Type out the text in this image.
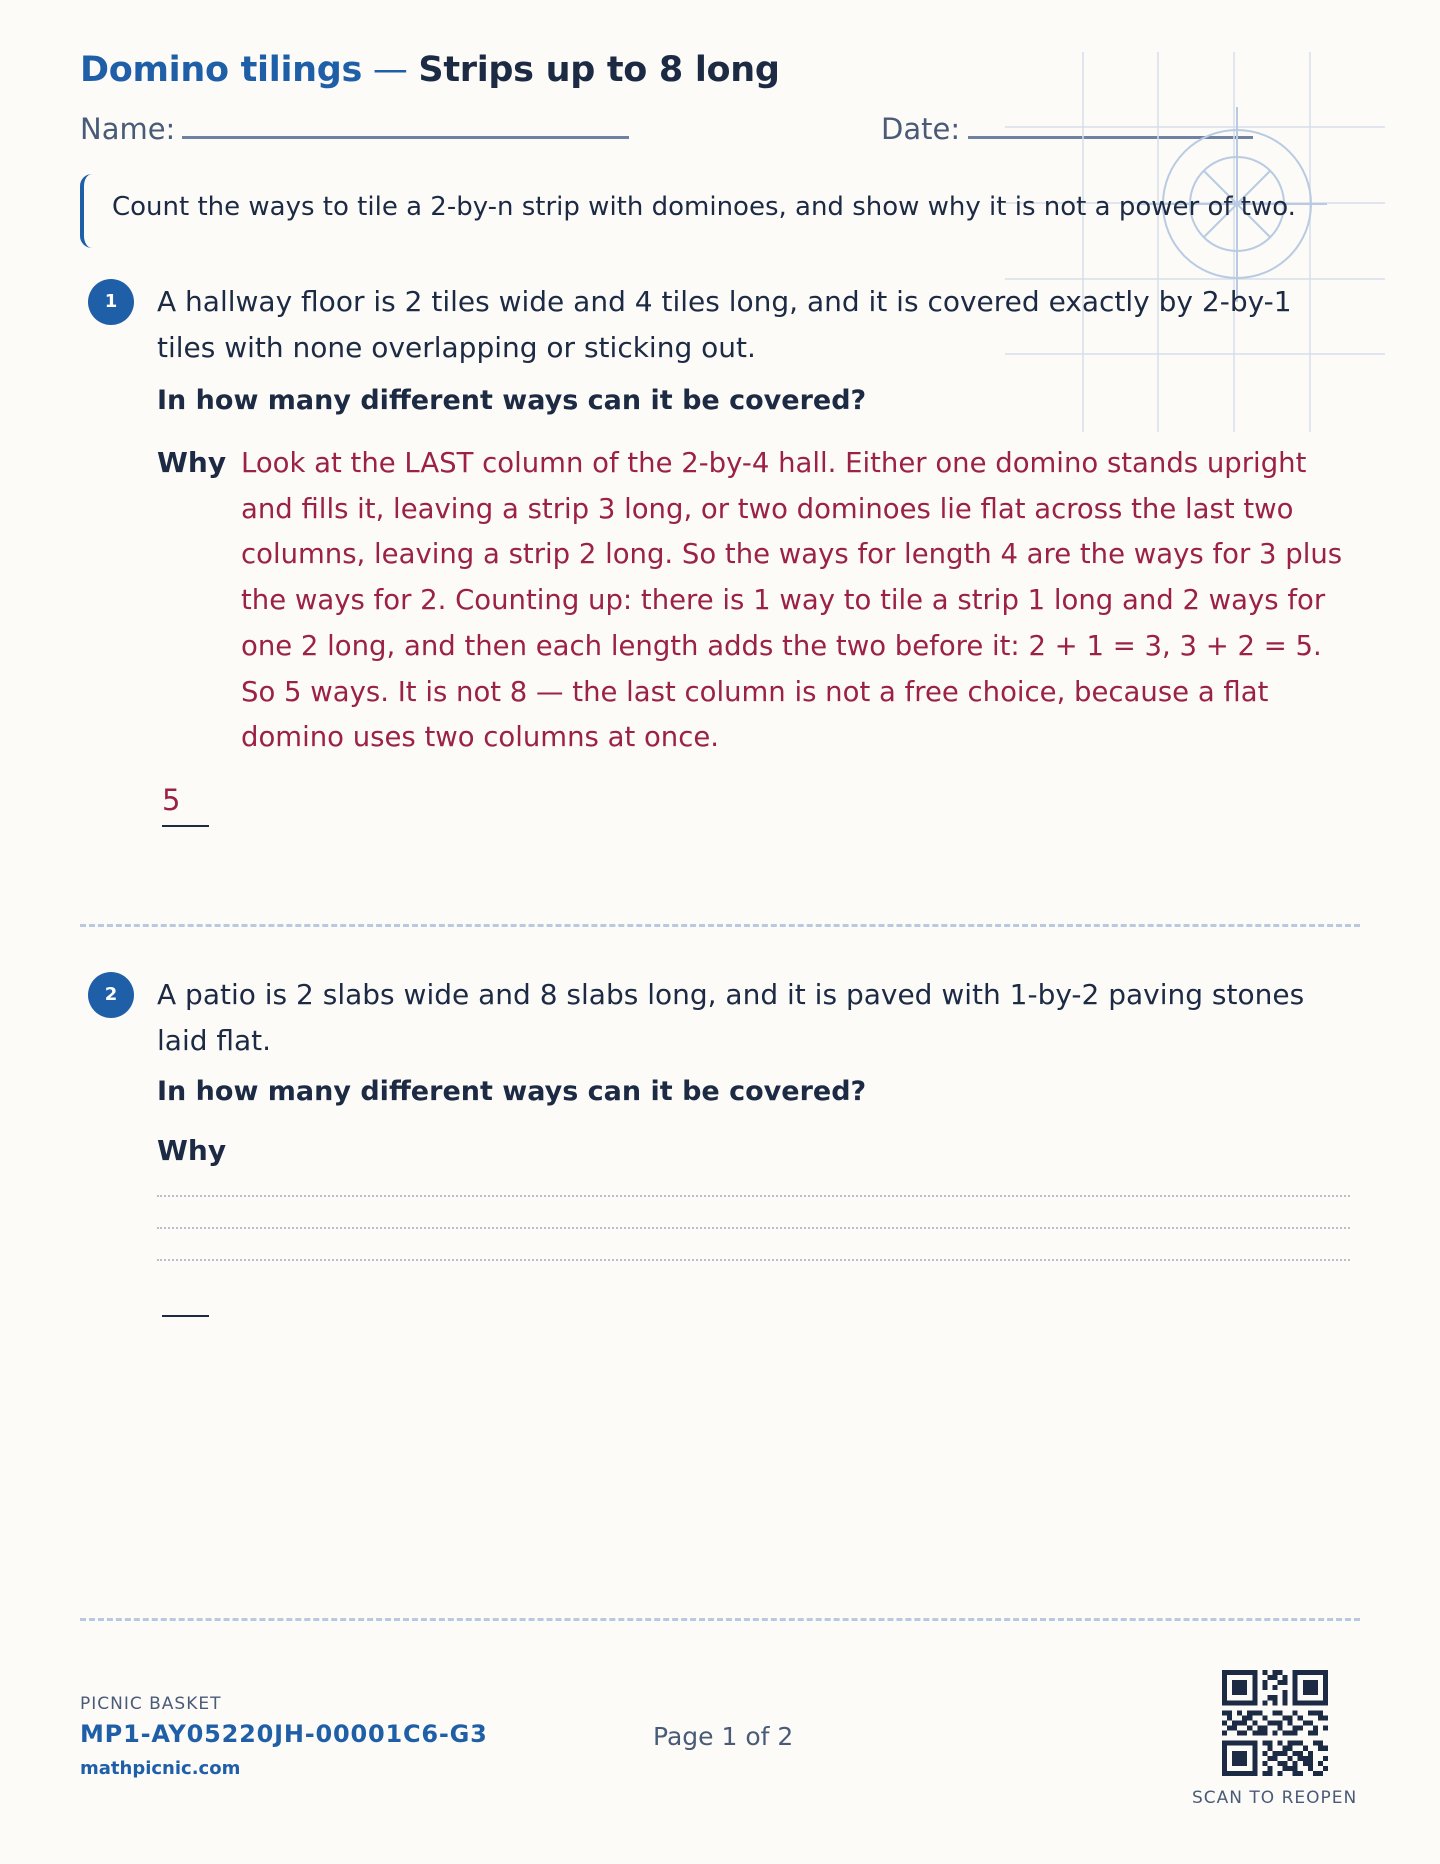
Domino tilings — Strips up to 8 long
Name:	Date:
Count the ways to tile a 2-by-n strip with dominoes, and show why it is not a power of two.
1	A hallway floor is 2 tiles wide and 4 tiles long, and it is covered exactly by 2-by-1 tiles with none overlapping or sticking out.
In how many different ways can it be covered?
Why Look at the LAST column of the 2-by-4 hall. Either one domino stands upright and fills it, leaving a strip 3 long, or two dominoes lie flat across the last two columns, leaving a strip 2 long. So the ways for length 4 are the ways for 3 plus the ways for 2. Counting up: there is 1 way to tile a strip 1 long and 2 ways for one 2 long, and then each length adds the two before it: 2 + 1 = 3, 3 + 2 = 5. So 5 ways. It is not 8 — the last column is not a free choice, because a flat domino uses two columns at once.
5
2	A patio is 2 slabs wide and 8 slabs long, and it is paved with 1-by-2 paving stones laid flat.
In how many different ways can it be covered?
Why
PICNIC BASKET
MP1-AY05220JH-00001C6-G3
mathpicnic.com
Page 1 of 2
SCAN TO REOPEN
